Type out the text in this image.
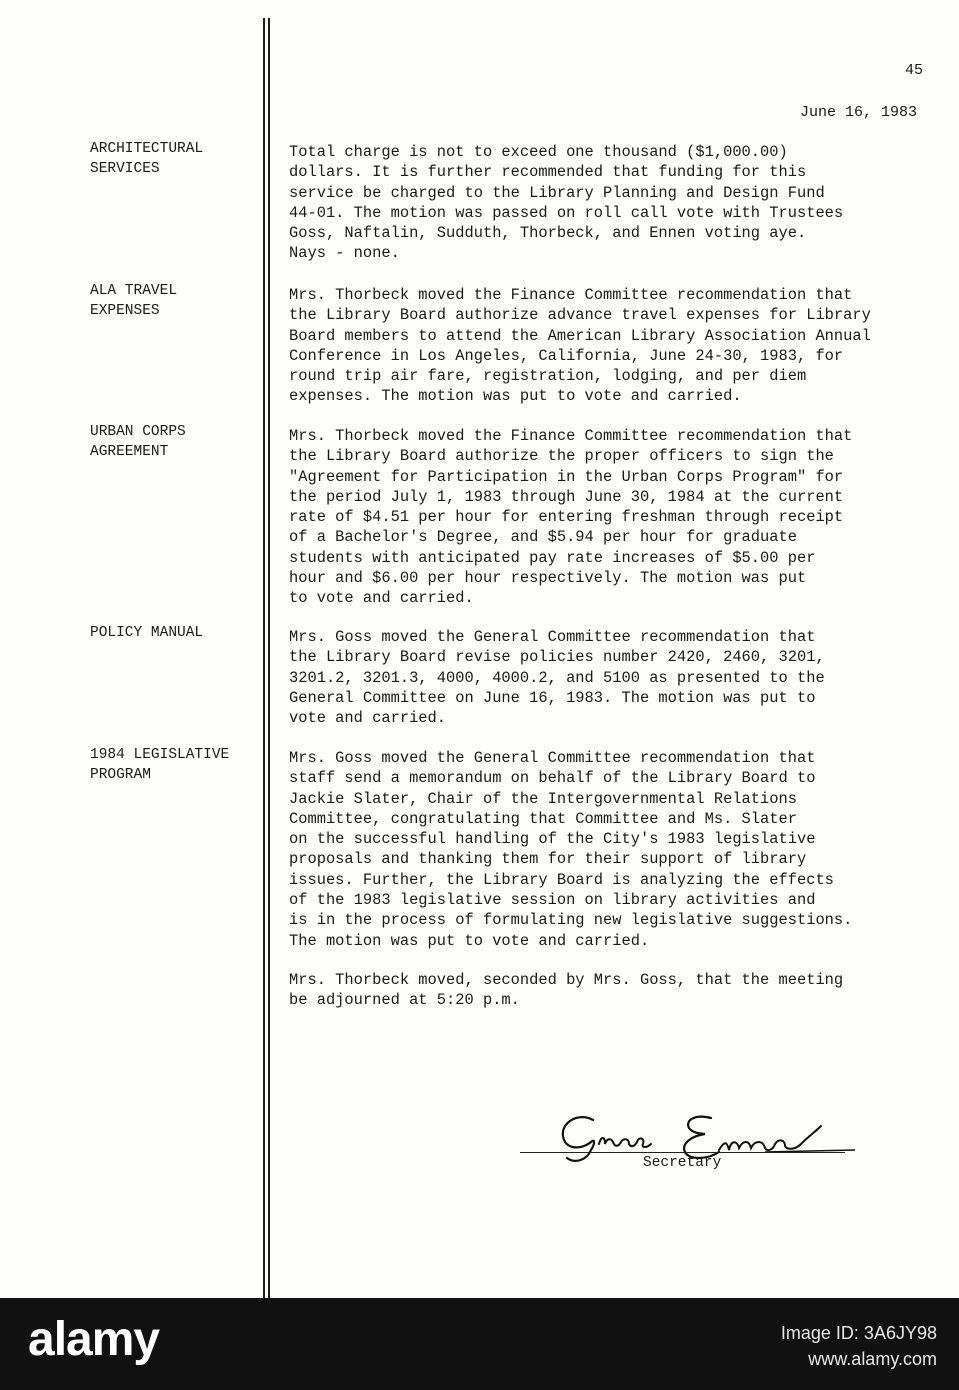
45
June 16, 1983
ARCHITECTURAL
SERVICES
Total charge is not to exceed one thousand ($1,000.00)
dollars. It is further recommended that funding for this
service be charged to the Library Planning and Design Fund
44-01. The motion was passed on roll call vote with Trustees
Goss, Naftalin, Sudduth, Thorbeck, and Ennen voting aye.
Nays - none.
ALA TRAVEL
EXPENSES
Mrs. Thorbeck moved the Finance Committee recommendation that
the Library Board authorize advance travel expenses for Library
Board members to attend the American Library Association Annual
Conference in Los Angeles, California, June 24-30, 1983, for
round trip air fare, registration, lodging, and per diem
expenses. The motion was put to vote and carried.
URBAN CORPS
AGREEMENT
Mrs. Thorbeck moved the Finance Committee recommendation that
the Library Board authorize the proper officers to sign the
"Agreement for Participation in the Urban Corps Program" for
the period July 1, 1983 through June 30, 1984 at the current
rate of $4.51 per hour for entering freshman through receipt
of a Bachelor's Degree, and $5.94 per hour for graduate
students with anticipated pay rate increases of $5.00 per
hour and $6.00 per hour respectively. The motion was put
to vote and carried.
POLICY MANUAL	Mrs. Goss moved the General Committee recommendation that
the Library Board revise policies number 2420, 2460, 3201,
3201.2, 3201.3, 4000, 4000.2, and 5100 as presented to the
General Committee on June 16, 1983. The motion was put to
vote and carried.
1984 LEGISLATIVE
PROGRAM
Mrs. Goss moved the General Committee recommendation that
staff send a memorandum on behalf of the Library Board to
Jackie Slater, Chair of the Intergovernmental Relations
Committee, congratulating that Committee and Ms. Slater
on the successful handling of the City's 1983 legislative
proposals and thanking them for their support of library
issues. Further, the Library Board is analyzing the effects
of the 1983 legislative session on library activities and
is in the process of formulating new legislative suggestions.
The motion was put to vote and carried.
Mrs. Thorbeck moved, seconded by Mrs. Goss, that the meeting
be adjourned at 5:20 p.m.
Secretary
alamy	Image ID: 3A6JY98
www.alamy.com
